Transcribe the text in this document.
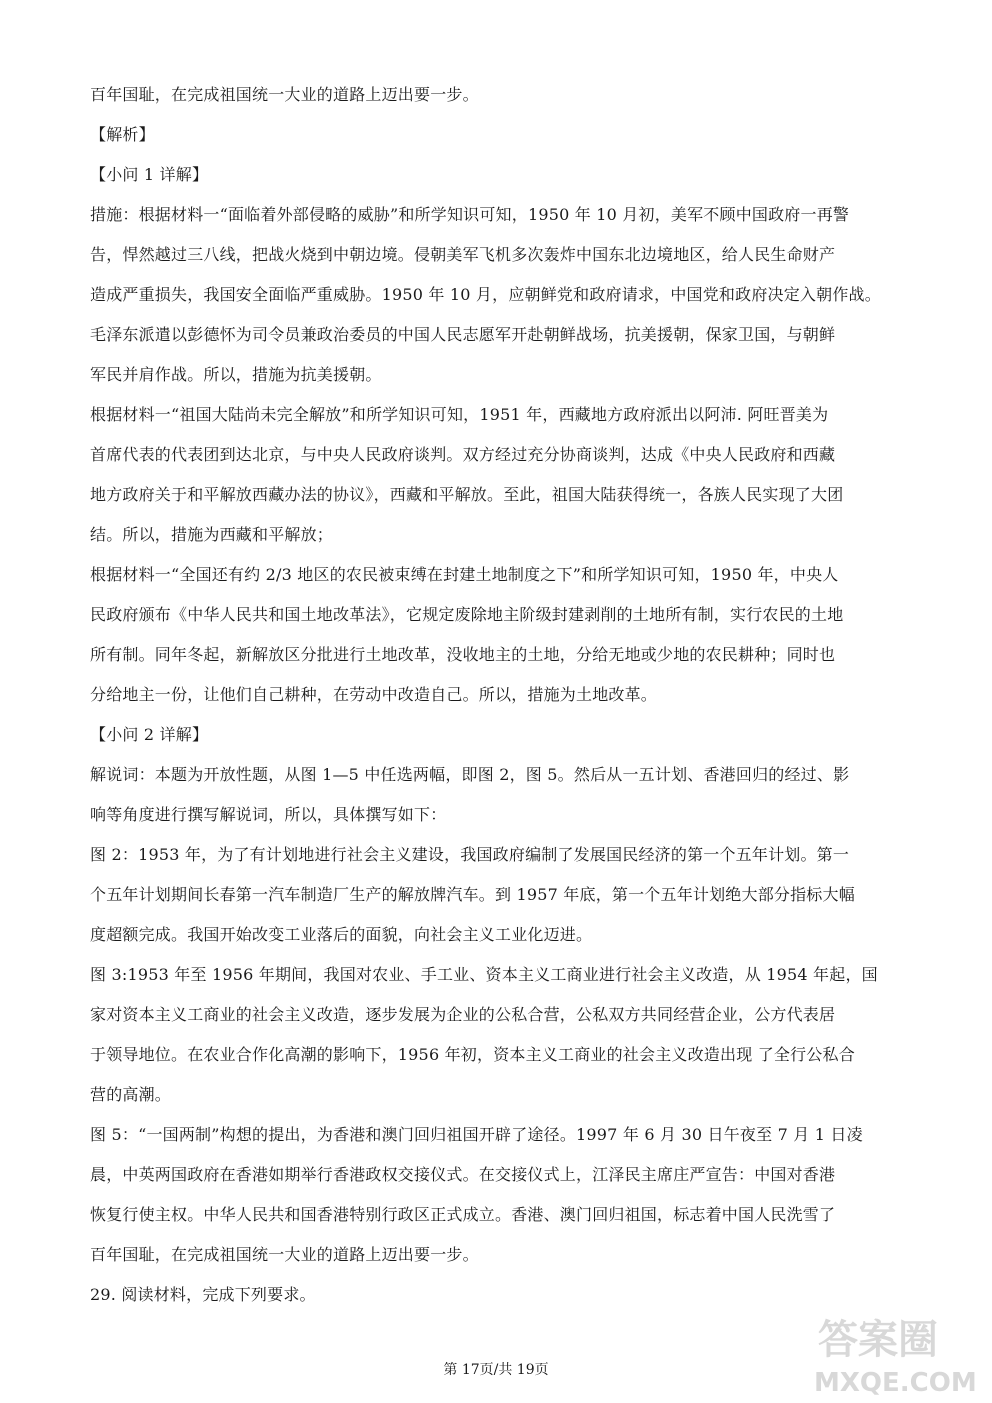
百年国耻，在完成祖国统一大业的道路上迈出要一步。

【解析】

【小问 1 详解】

措施：根据材料一“面临着外部侵略的威胁”和所学知识可知，1950 年 10 月初，美军不顾中国政府一再警

告，悍然越过三八线，把战火烧到中朝边境。侵朝美军飞机多次轰炸中国东北边境地区，给人民生命财产

造成严重损失，我国安全面临严重威胁。1950 年 10 月，应朝鲜党和政府请求，中国党和政府决定入朝作战。

毛泽东派遣以彭德怀为司令员兼政治委员的中国人民志愿军开赴朝鲜战场，抗美援朝，保家卫国，与朝鲜

军民并肩作战。所以，措施为抗美援朝。

根据材料一“祖国大陆尚未完全解放”和所学知识可知，1951 年，西藏地方政府派出以阿沛. 阿旺晋美为

首席代表的代表团到达北京，与中央人民政府谈判。双方经过充分协商谈判，达成《中央人民政府和西藏

地方政府关于和平解放西藏办法的协议》，西藏和平解放。至此，祖国大陆获得统一，各族人民实现了大团

结。所以，措施为西藏和平解放；

根据材料一“全国还有约 2/3 地区的农民被束缚在封建土地制度之下”和所学知识可知，1950 年，中央人

民政府颁布《中华人民共和国土地改革法》，它规定废除地主阶级封建剥削的土地所有制，实行农民的土地

所有制。同年冬起，新解放区分批进行土地改革，没收地主的土地，分给无地或少地的农民耕种；同时也

分给地主一份，让他们自己耕种，在劳动中改造自己。所以，措施为土地改革。

【小问 2 详解】

解说词：本题为开放性题，从图 1—5 中任选两幅，即图 2，图 5。然后从一五计划、香港回归的经过、影

响等角度进行撰写解说词，所以，具体撰写如下：

图 2：1953 年，为了有计划地进行社会主义建设，我国政府编制了发展国民经济的第一个五年计划。第一

个五年计划期间长春第一汽车制造厂生产的解放牌汽车。到 1957 年底，第一个五年计划绝大部分指标大幅

度超额完成。我国开始改变工业落后的面貌，向社会主义工业化迈进。

图 3:1953 年至 1956 年期间，我国对农业、手工业、资本主义工商业进行社会主义改造，从 1954 年起，国

家对资本主义工商业的社会主义改造，逐步发展为企业的公私合营，公私双方共同经营企业，公方代表居

于领导地位。在农业合作化高潮的影响下，1956 年初，资本主义工商业的社会主义改造出现 了全行公私合

营的高潮。

图 5：“一国两制”构想的提出，为香港和澳门回归祖国开辟了途径。1997 年 6 月 30 日午夜至 7 月 1 日凌

晨，中英两国政府在香港如期举行香港政权交接仪式。在交接仪式上，江泽民主席庄严宣告：中国对香港

恢复行使主权。中华人民共和国香港特别行政区正式成立。香港、澳门回归祖国，标志着中国人民洗雪了

百年国耻，在完成祖国统一大业的道路上迈出要一步。

29. 阅读材料，完成下列要求。

第 17页/共 19页
答案圈
MXQE.COM
